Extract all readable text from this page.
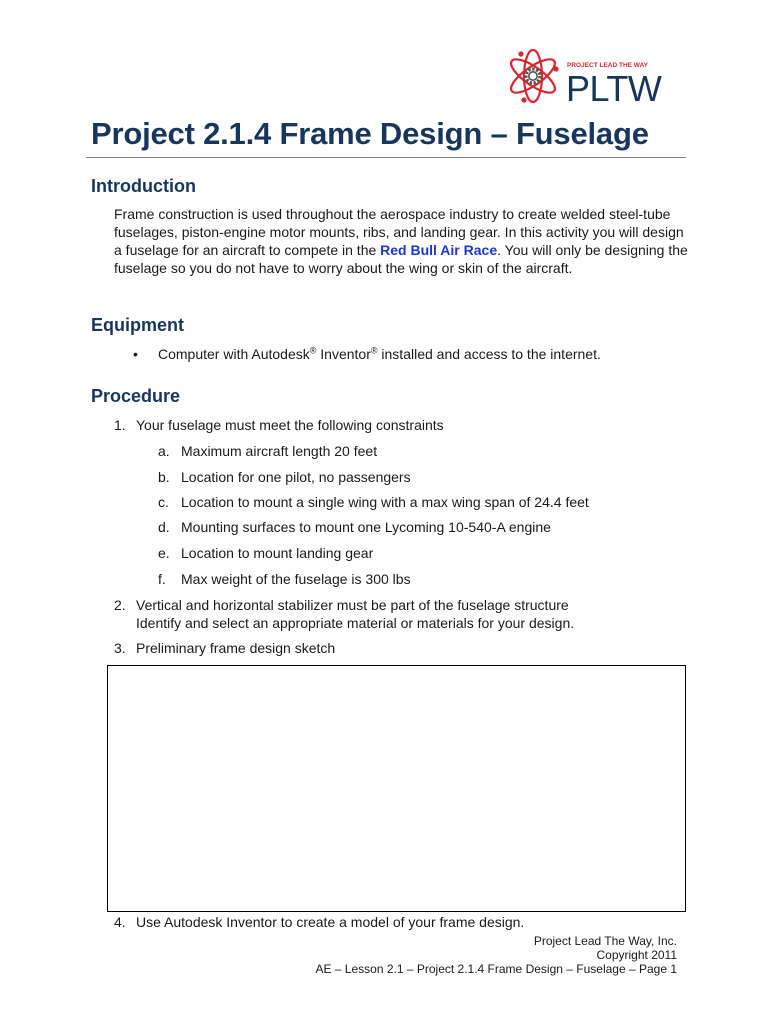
PROJECT LEAD THE WAY
PLTW
Project 2.1.4 Frame Design – Fuselage
Introduction

Frame construction is used throughout the aerospace industry to create welded steel-tube fuselages, piston-engine motor mounts, ribs, and landing gear. In this activity you will design a fuselage for an aircraft to compete in the Red Bull Air Race. You will only be designing the fuselage so you do not have to worry about the wing or skin of the aircraft.

Equipment
• Computer with Autodesk® Inventor® installed and access to the internet.
Procedure
1. Your fuselage must meet the following constraints
a. Maximum aircraft length 20 feet
b. Location for one pilot, no passengers
c. Location to mount a single wing with a max wing span of 24.4 feet
d. Mounting surfaces to mount one Lycoming 10-540-A engine
e. Location to mount landing gear
f. Max weight of the fuselage is 300 lbs
2. Vertical and horizontal stabilizer must be part of the fuselage structure
Identify and select an appropriate material or materials for your design.
3. Preliminary frame design sketch
4. Use Autodesk Inventor to create a model of your frame design.
Project Lead The Way, Inc.
Copyright 2011
AE – Lesson 2.1 – Project 2.1.4 Frame Design – Fuselage – Page 1
